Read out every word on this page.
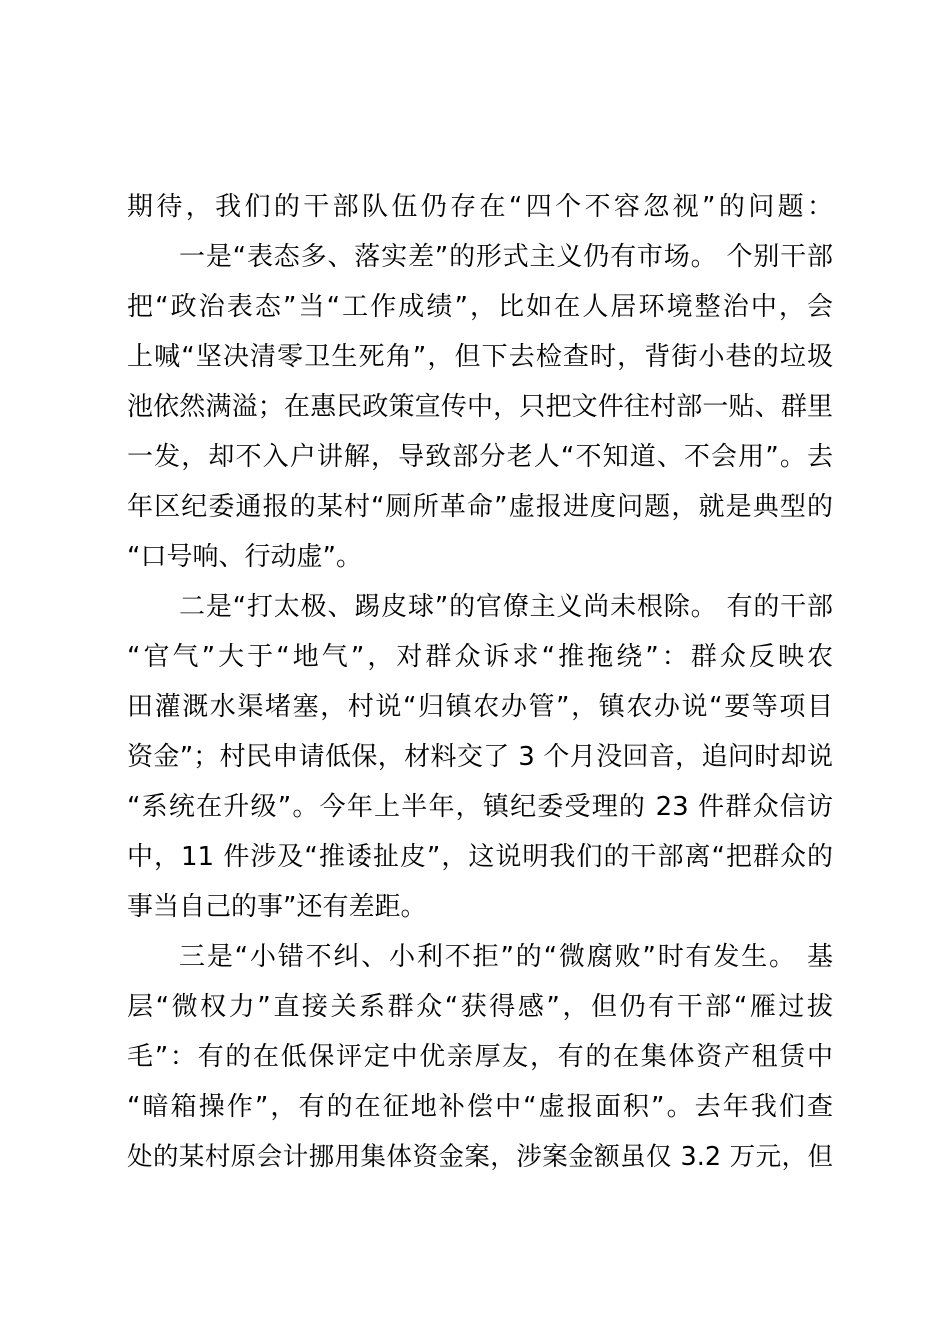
期待，我们的干部队伍仍存在“四个不容忽视”的问题：
一是“表态多、落实差”的形式主义仍有市场。 个别干部
把“政治表态”当“工作成绩”，比如在人居环境整治中，会
上喊“坚决清零卫生死角”，但下去检查时，背街小巷的垃圾
池依然满溢；在惠民政策宣传中，只把文件往村部一贴、群里
一发，却不入户讲解，导致部分老人“不知道、不会用”。去
年区纪委通报的某村“厕所革命”虚报进度问题，就是典型的
“口号响、行动虚”。
二是“打太极、踢皮球”的官僚主义尚未根除。 有的干部
“官气”大于“地气”，对群众诉求“推拖绕”：群众反映农
田灌溉水渠堵塞，村说“归镇农办管”，镇农办说“要等项目
资金”；村民申请低保，材料交了 3 个月没回音，追问时却说
“系统在升级”。今年上半年，镇纪委受理的 23 件群众信访
中，11 件涉及“推诿扯皮”，这说明我们的干部离“把群众的
事当自己的事”还有差距。
三是“小错不纠、小利不拒”的“微腐败”时有发生。 基
层“微权力”直接关系群众“获得感”，但仍有干部“雁过拔
毛”：有的在低保评定中优亲厚友，有的在集体资产租赁中
“暗箱操作”，有的在征地补偿中“虚报面积”。去年我们查
处的某村原会计挪用集体资金案，涉案金额虽仅 3.2 万元，但
